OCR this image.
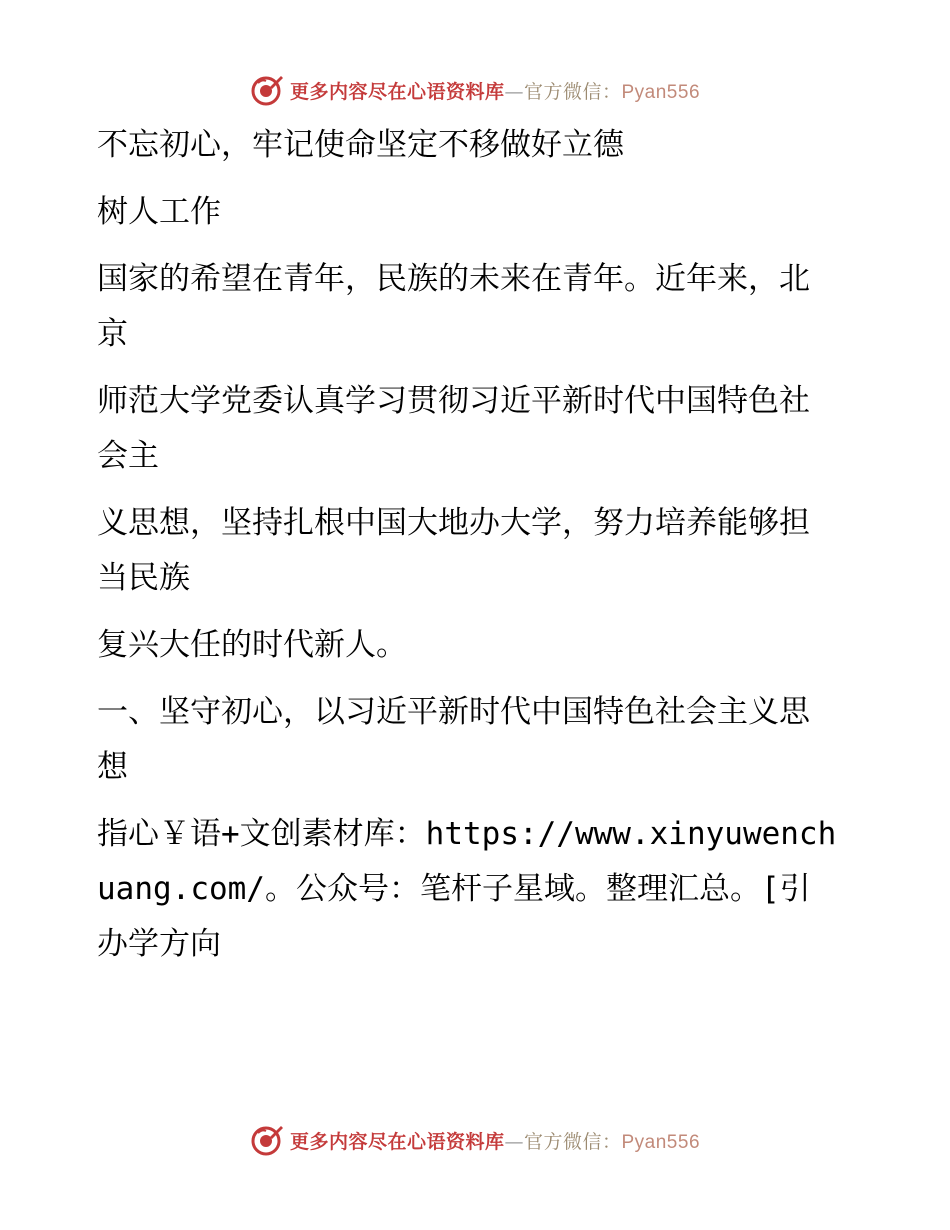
更多内容尽在心语资料库—官方微信：Pyan556

不忘初心，牢记使命坚定不移做好立德

树人工作

国家的希望在青年，民族的未来在青年。近年来，北京

师范大学党委认真学习贯彻习近平新时代中国特色社会主

义思想，坚持扎根中国大地办大学，努力培养能够担当民族

复兴大任的时代新人。

一、坚守初心，以习近平新时代中国特色社会主义思想

指心￥语+文创素材库：https://www.xinyuwenchuang.com/。公众号：笔杆子星域。整理汇总。[引办学方向

更多内容尽在心语资料库—官方微信：Pyan556
